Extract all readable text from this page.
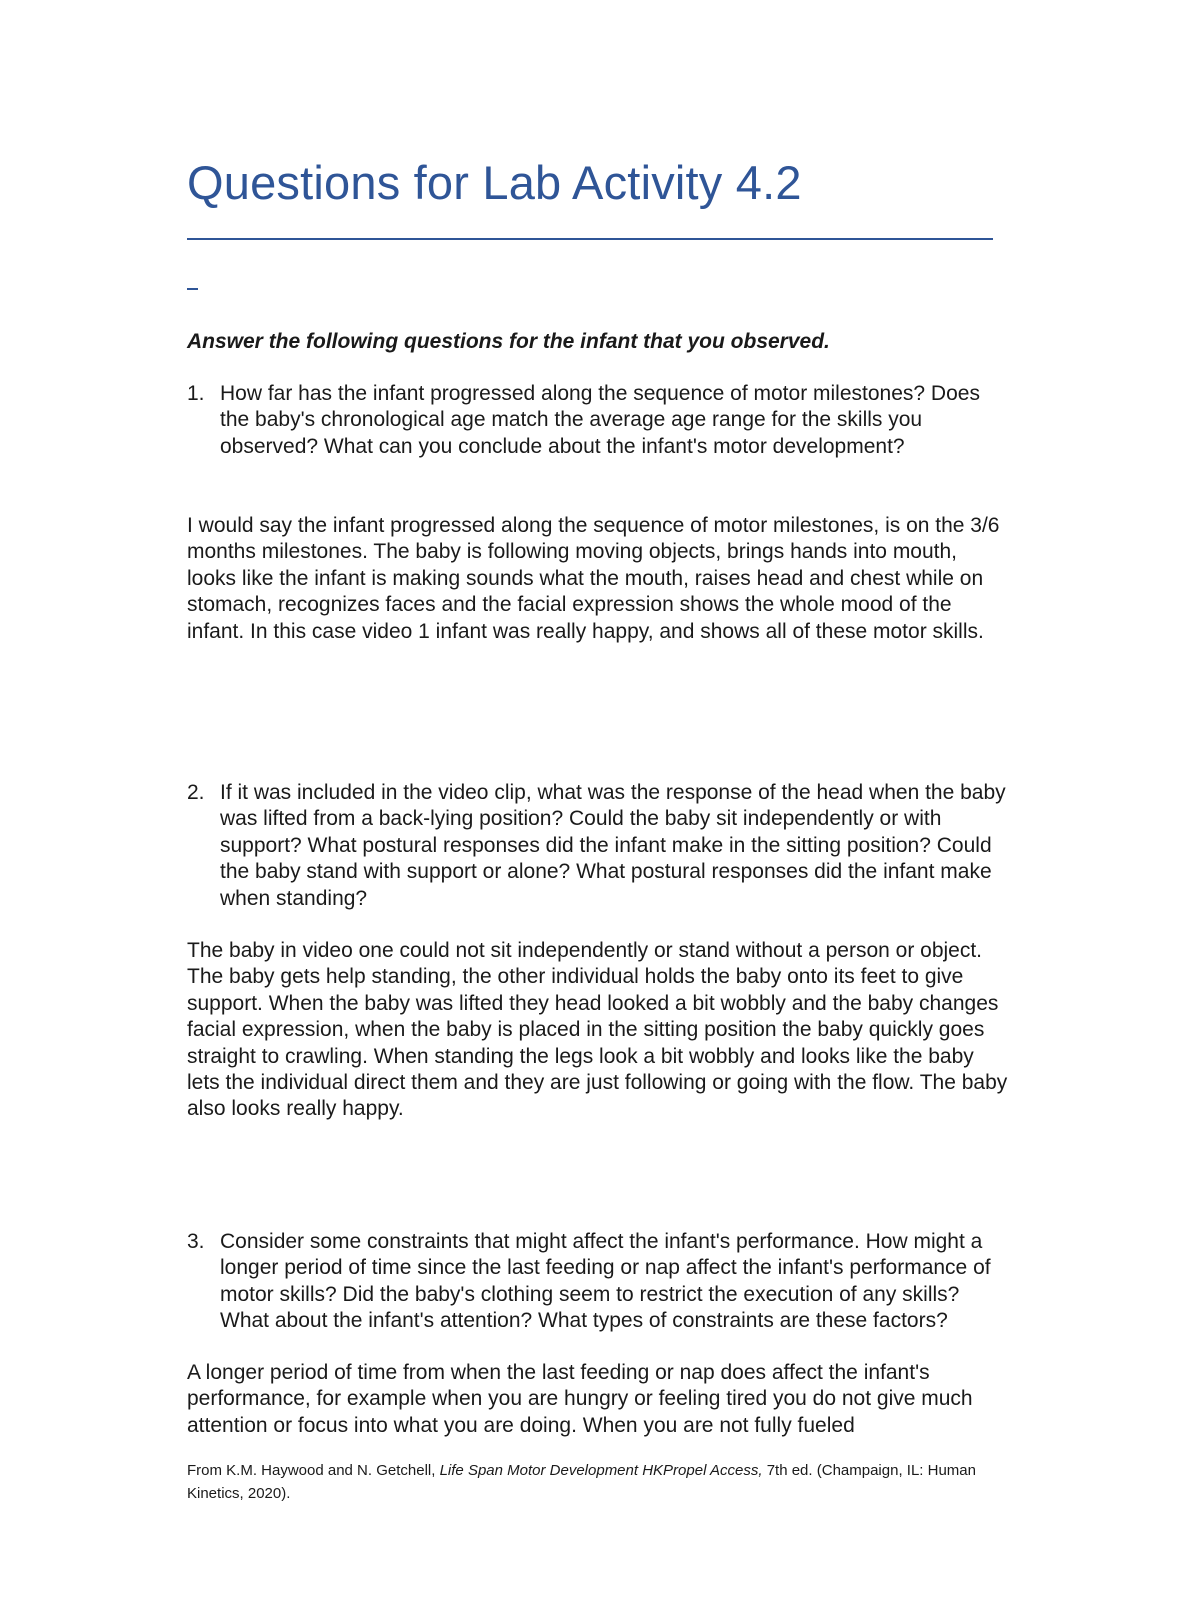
Questions for Lab Activity 4.2

Answer the following questions for the infant that you observed.

1. How far has the infant progressed along the sequence of motor milestones? Does the baby's chronological age match the average age range for the skills you observed? What can you conclude about the infant's motor development?

I would say the infant progressed along the sequence of motor milestones, is on the 3/6 months milestones. The baby is following moving objects, brings hands into mouth, looks like the infant is making sounds what the mouth, raises head and chest while on stomach, recognizes faces and the facial expression shows the whole mood of the infant. In this case video 1 infant was really happy, and shows all of these motor skills.

2. If it was included in the video clip, what was the response of the head when the baby was lifted from a back-lying position? Could the baby sit independently or with support? What postural responses did the infant make in the sitting position? Could the baby stand with support or alone? What postural responses did the infant make when standing?

The baby in video one could not sit independently or stand without a person or object. The baby gets help standing, the other individual holds the baby onto its feet to give support. When the baby was lifted they head looked a bit wobbly and the baby changes facial expression, when the baby is placed in the sitting position the baby quickly goes straight to crawling. When standing the legs look a bit wobbly and looks like the baby lets the individual direct them and they are just following or going with the flow. The baby also looks really happy.

3. Consider some constraints that might affect the infant's performance. How might a longer period of time since the last feeding or nap affect the infant's performance of motor skills? Did the baby's clothing seem to restrict the execution of any skills? What about the infant's attention? What types of constraints are these factors?

A longer period of time from when the last feeding or nap does affect the infant's performance, for example when you are hungry or feeling tired you do not give much attention or focus into what you are doing. When you are not fully fueled

From K.M. Haywood and N. Getchell, Life Span Motor Development HKPropel Access, 7th ed. (Champaign, IL: Human Kinetics, 2020).
